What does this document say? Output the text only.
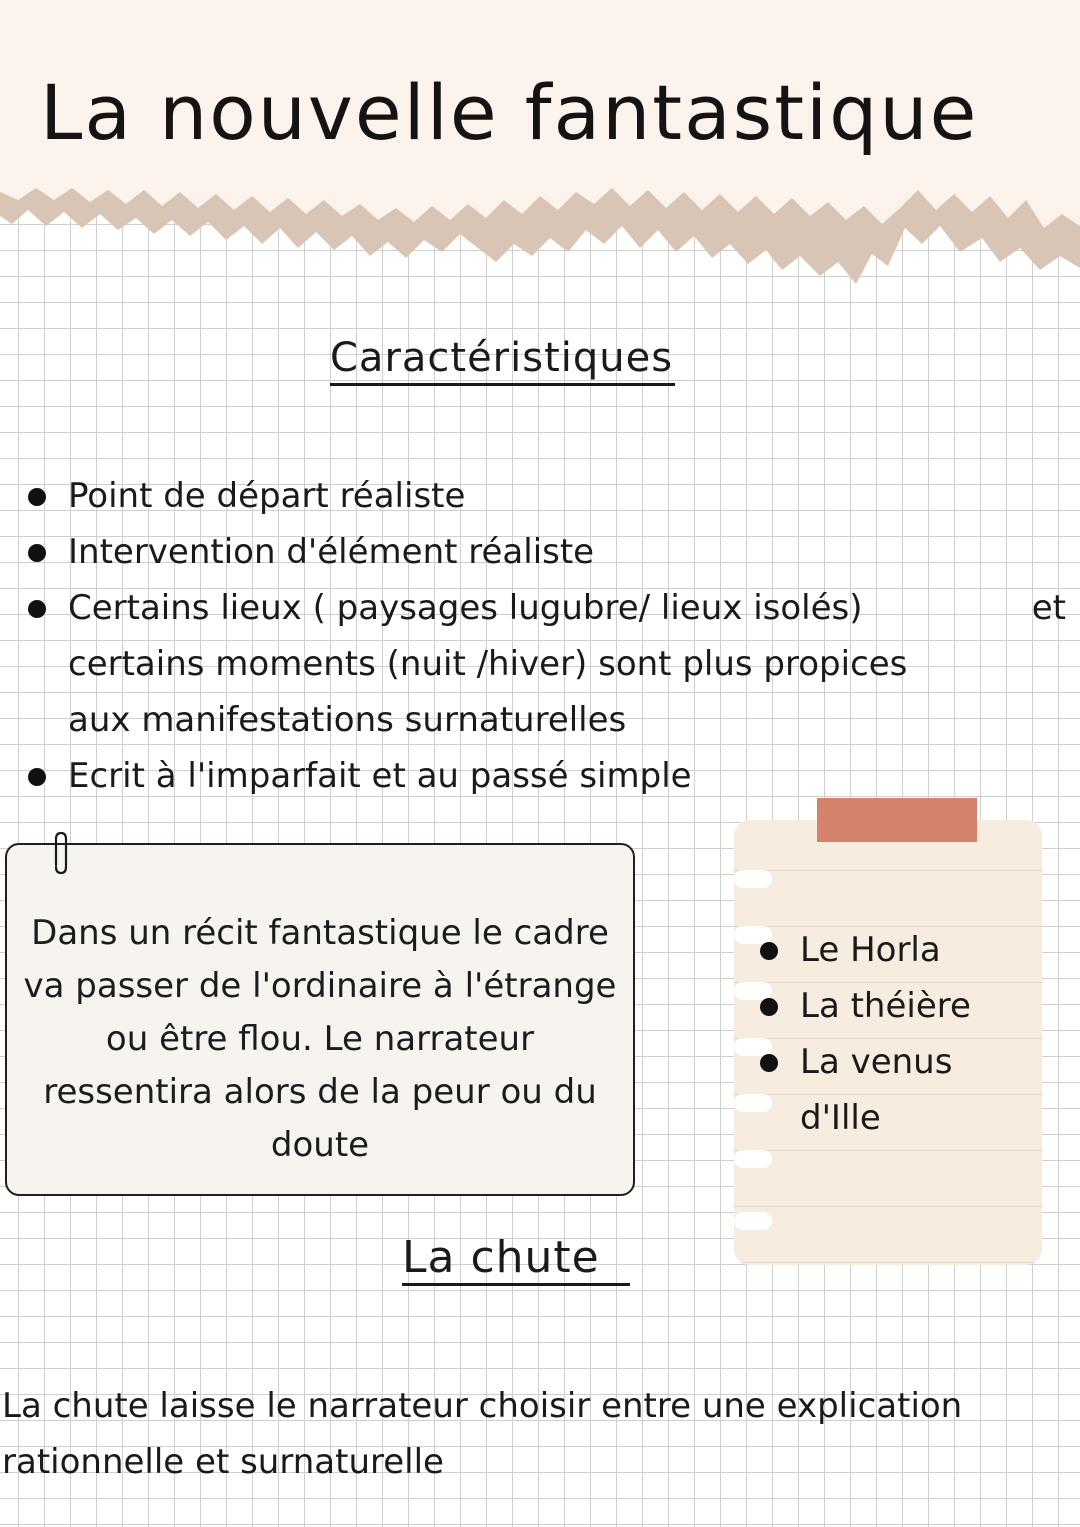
La nouvelle fantastique
Caractéristiques
Point de départ réaliste
Intervention d'élément réaliste
Certains lieux ( paysages lugubre/ lieux isolés)	et
certains moments (nuit /hiver) sont plus propices aux manifestations surnaturelles
Ecrit à l'imparfait et au passé simple

Dans un récit fantastique le cadre va passer de l'ordinaire à l'étrange ou être flou. Le narrateur ressentira alors de la peur ou du doute

Le Horla
La théière
La venus d'Ille
La chute

La chute laisse le narrateur choisir entre une explication rationnelle et surnaturelle
